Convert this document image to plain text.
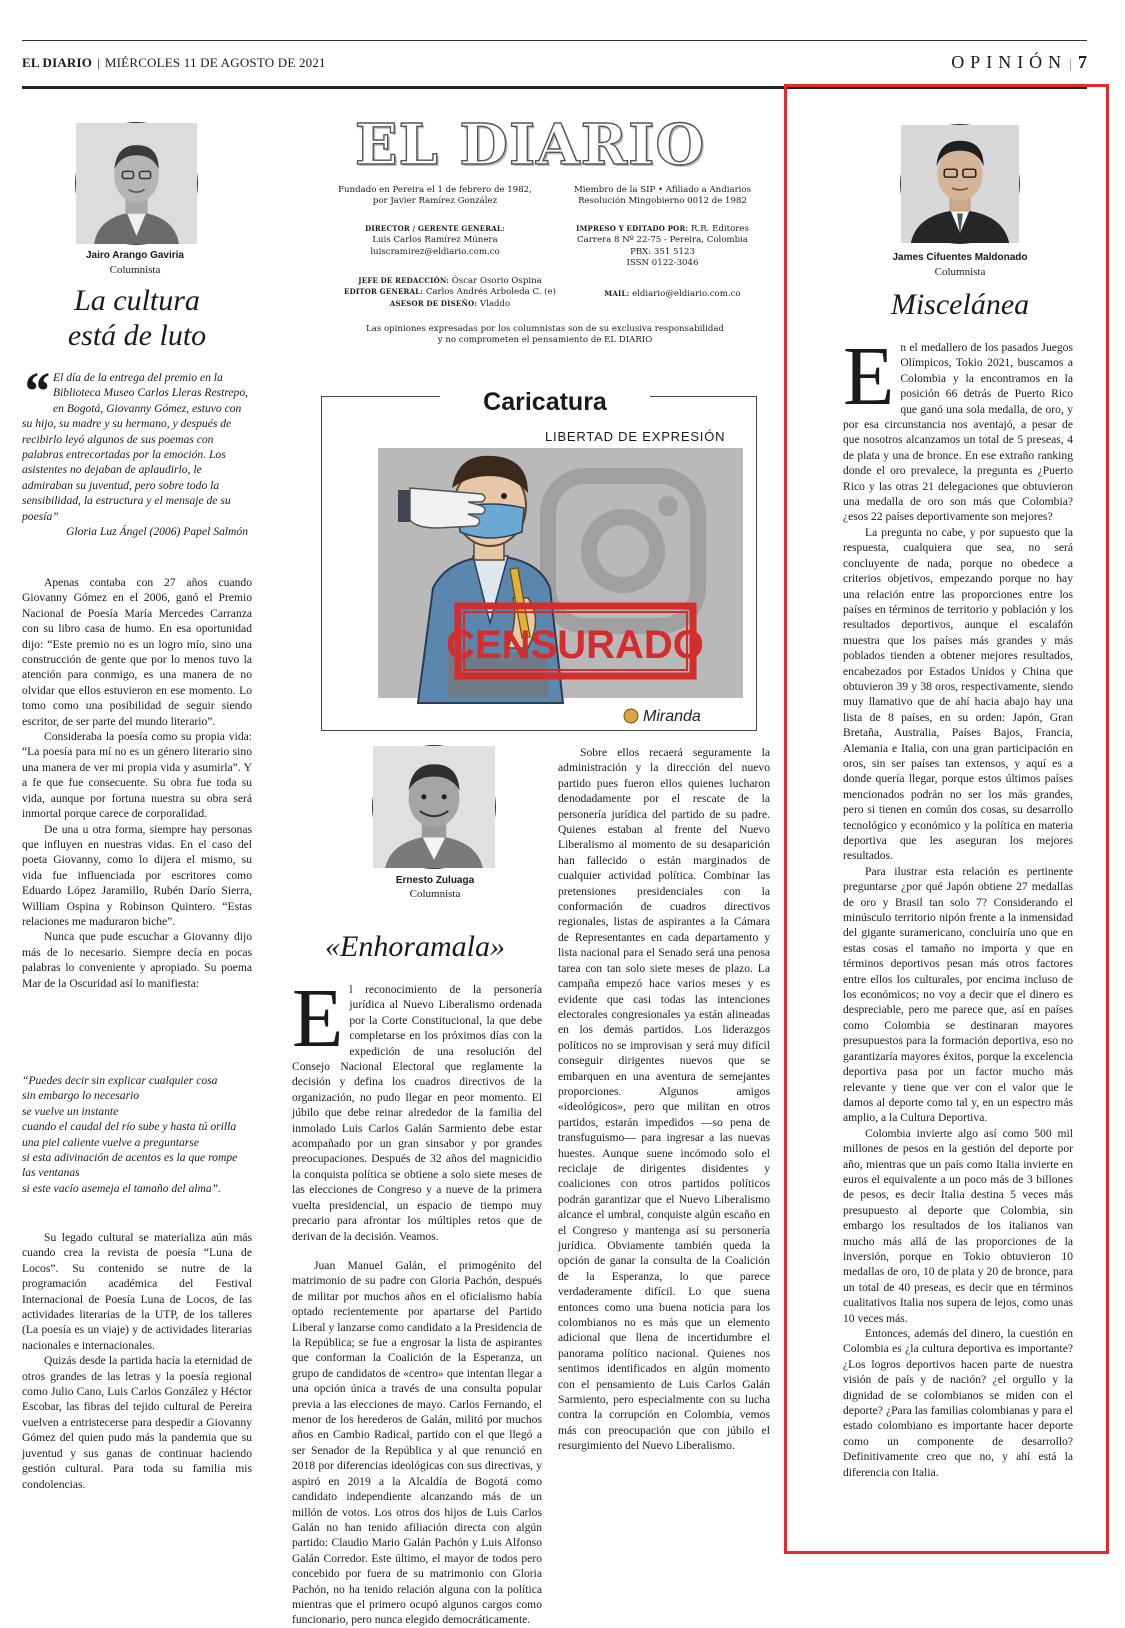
EL DIARIO | MIÉRCOLES 11 DE AGOSTO DE 2021	OPINIÓN | 7
Jairo Arango Gaviria
Columnista
La cultura
está de luto
“ El día de la entrega del premio en la Biblioteca Museo Carlos Lleras Restrepo, en Bogotá, Giovanny Gómez, estuvo con su hijo, su madre y su hermano, y después de recibirlo leyó algunos de sus poemas con palabras entrecortadas por la emoción. Los asistentes no dejaban de aplaudirlo, le admiraban su juventud, pero sobre todo la sensibilidad, la estructura y el mensaje de su poesía”
Gloria Luz Ángel (2006) Papel Salmón

Apenas contaba con 27 años cuando Giovanny Gómez en el 2006, ganó el Premio Nacional de Poesía María Mercedes Carranza con su libro casa de humo. En esa oportunidad dijo: “Este premio no es un logro mío, sino una construcción de gente que por lo menos tuvo la atención para conmigo, es una manera de no olvidar que ellos estuvieron en ese momento. Lo tomo como una posibilidad de seguir siendo escritor, de ser parte del mundo literario”.

Consideraba la poesía como su propia vida: “La poesía para mí no es un género literario sino una manera de ver mi propia vida y asumirla”. Y a fe que fue consecuente. Su obra fue toda su vida, aunque por fortuna nuestra su obra será inmortal porque carece de corporalidad.

De una u otra forma, siempre hay personas que influyen en nuestras vidas. En el caso del poeta Giovanny, como lo dijera el mismo, su vida fue influenciada por escritores como Eduardo López Jaramillo, Rubén Darío Sierra, William Ospina y Robinson Quintero. “Estas relaciones me maduraron biche”.

Nunca que pude escuchar a Giovanny dijo más de lo necesario. Siempre decía en pocas palabras lo conveniente y apropiado. Su poema Mar de la Oscuridad así lo manifiesta:

“Puedes decir sin explicar cualquier cosa
sin embargo lo necesario
se vuelve un instante
cuando el caudal del río sube y hasta tú orilla
una piel caliente vuelve a preguntarse
si esta adivinación de acentos es la que rompe las ventanas
si este vacío asemeja el tamaño del alma”.

Su legado cultural se materializa aún más cuando crea la revista de poesía “Luna de Locos”. Su contenido se nutre de la programación académica del Festival Internacional de Poesía Luna de Locos, de las actividades literarias de la UTP, de los talleres (La poesía es un viaje) y de actividades literarias nacionales e internacionales.

Quizás desde la partida hacía la eternidad de otros grandes de las letras y la poesía regional como Julio Cano, Luis Carlos González y Héctor Escobar, las fibras del tejido cultural de Pereira vuelven a entristecerse para despedir a Giovanny Gómez del quien pudo más la pandemia que su juventud y sus ganas de continuar haciendo gestión cultural. Para toda su familia mis condolencias.

EL DIARIO
Fundado en Pereira el 1 de febrero de 1982,
por Javier Ramírez González
Miembro de la SIP • Afiliado a Andiarios
Resolución Mingobierno 0012 de 1982
DIRECTOR / GERENTE GENERAL:
Luis Carlos Ramírez Múnera
luiscramirez@eldiario.com.co
IMPRESO Y EDITADO POR: R.R. Editores
Carrera 8 Nº 22-75 - Pereira, Colombia
PBX: 351 5123
ISSN 0122-3046
JEFE DE REDACCIÓN: Óscar Osorio Ospina
EDITOR GENERAL: Carlos Andrés Arboleda C. (e)
ASESOR DE DISEÑO: Vladdo
MAIL: eldiario@eldiario.com.co
Las opiniones expresadas por los columnistas son de su exclusiva responsabilidad
y no comprometen el pensamiento de EL DIARIO
Caricatura
LIBERTAD DE EXPRESIÓN
CENSURADO
Miranda
Ernesto Zuluaga
Columnista
«Enhoramala»

El reconocimiento de la personería jurídica al Nuevo Liberalismo ordenada por la Corte Constitucional, la que debe completarse en los próximos días con la expedición de una resolución del Consejo Nacional Electoral que reglamente la decisión y defina los cuadros directivos de la organización, no pudo llegar en peor momento. El júbilo que debe reinar alrededor de la familia del inmolado Luis Carlos Galán Sarmiento debe estar acompañado por un gran sinsabor y por grandes preocupaciones. Después de 32 años del magnicidio la conquista política se obtiene a solo siete meses de las elecciones de Congreso y a nueve de la primera vuelta presidencial, un espacio de tiempo muy precario para afrontar los múltiples retos que de derivan de la decisión. Veamos.

Juan Manuel Galán, el primogénito del matrimonio de su padre con Gloria Pachón, después de militar por muchos años en el oficialismo había optado recientemente por apartarse del Partido Liberal y lanzarse como candidato a la Presidencia de la República; se fue a engrosar la lista de aspirantes que conforman la Coalición de la Esperanza, un grupo de candidatos de «centro» que intentan llegar a una opción única a través de una consulta popular previa a las elecciones de mayo. Carlos Fernando, el menor de los herederos de Galán, militó por muchos años en Cambio Radical, partido con el que llegó a ser Senador de la República y al que renunció en 2018 por diferencias ideológicas con sus directivas, y aspiró en 2019 a la Alcaldía de Bogotá como candidato independiente alcanzando más de un millón de votos. Los otros dos hijos de Luis Carlos Galán no han tenido afiliación directa con algún partido: Claudio Mario Galán Pachón y Luis Alfonso Galán Corredor. Este último, el mayor de todos pero concebido por fuera de su matrimonio con Gloria Pachón, no ha tenido relación alguna con la política mientras que el primero ocupó algunos cargos como funcionario, pero nunca elegido democráticamente.

Sobre ellos recaerá seguramente la administración y la dirección del nuevo partido pues fueron ellos quienes lucharon denodadamente por el rescate de la personería jurídica del partido de su padre. Quienes estaban al frente del Nuevo Liberalismo al momento de su desaparición han fallecido o están marginados de cualquier actividad política. Combinar las pretensiones presidenciales con la conformación de cuadros directivos regionales, listas de aspirantes a la Cámara de Representantes en cada departamento y lista nacional para el Senado será una penosa tarea con tan solo siete meses de plazo. La campaña empezó hace varios meses y es evidente que casi todas las intenciones electorales congresionales ya están alineadas en los demás partidos. Los liderazgos políticos no se improvisan y será muy difícil conseguir dirigentes nuevos que se embarquen en una aventura de semejantes proporciones. Algunos amigos «ideológicos», pero que militan en otros partidos, estarán impedidos —so pena de transfuguismo— para ingresar a las nuevas huestes. Aunque suene incómodo solo el reciclaje de dirigentes disidentes y coaliciones con otros partidos políticos podrán garantizar que el Nuevo Liberalismo alcance el umbral, conquiste algún escaño en el Congreso y mantenga así su personería jurídica. Obviamente también queda la opción de ganar la consulta de la Coalición de la Esperanza, lo que parece verdaderamente difícil. Lo que suena entonces como una buena noticia para los colombianos no es más que un elemento adicional que llena de incertidumbre el panorama político nacional. Quienes nos sentimos identificados en algún momento con el pensamiento de Luis Carlos Galán Sarmiento, pero especialmente con su lucha contra la corrupción en Colombia, vemos más con preocupación que con júbilo el resurgimiento del Nuevo Liberalismo.

James Cifuentes Maldonado
Columnista
Miscelánea

En el medallero de los pasados Juegos Olímpicos, Tokio 2021, buscamos a Colombia y la encontramos en la posición 66 detrás de Puerto Rico que ganó una sola medalla, de oro, y por esa circunstancia nos aventajó, a pesar de que nosotros alcanzamos un total de 5 preseas, 4 de plata y una de bronce. En ese extraño ranking donde el oro prevalece, la pregunta es ¿Puerto Rico y las otras 21 delegaciones que obtuvieron una medalla de oro son más que Colombia? ¿esos 22 países deportivamente son mejores?

La pregunta no cabe, y por supuesto que la respuesta, cualquiera que sea, no será concluyente de nada, porque no obedece a criterios objetivos, empezando porque no hay una relación entre las proporciones entre los países en términos de territorio y población y los resultados deportivos, aunque el escalafón muestra que los países más grandes y más poblados tienden a obtener mejores resultados, encabezados por Estados Unidos y China que obtuvieron 39 y 38 oros, respectivamente, siendo muy llamativo que de ahí hacia abajo hay una lista de 8 países, en su orden: Japón, Gran Bretaña, Australia, Países Bajos, Francia, Alemania e Italia, con una gran participación en oros, sin ser países tan extensos, y aquí es a donde quería llegar, porque estos últimos países mencionados podrán no ser los más grandes, pero si tienen en común dos cosas, su desarrollo tecnológico y económico y la política en materia deportiva que les aseguran los mejores resultados.

Para ilustrar esta relación es pertinente preguntarse ¿por qué Japón obtiene 27 medallas de oro y Brasil tan solo 7? Considerando el minúsculo territorio nipón frente a la inmensidad del gigante suramericano, concluiría uno que en estas cosas el tamaño no importa y que en términos deportivos pesan más otros factores entre ellos los culturales, por encima incluso de los económicos; no voy a decir que el dinero es despreciable, pero me parece que, así en países como Colombia se destinaran mayores presupuestos para la formación deportiva, eso no garantizaría mayores éxitos, porque la excelencia deportiva pasa por un factor mucho más relevante y tiene que ver con el valor que le damos al deporte como tal y, en un espectro más amplio, a la Cultura Deportiva.

Colombia invierte algo así como 500 mil millones de pesos en la gestión del deporte por año, mientras que un país como Italia invierte en euros el equivalente a un poco más de 3 billones de pesos, es decir Italia destina 5 veces más presupuesto al deporte que Colombia, sin embargo los resultados de los italianos van mucho más allá de las proporciones de la inversión, porque en Tokio obtuvieron 10 medallas de oro, 10 de plata y 20 de bronce, para un total de 40 preseas, es decir que en términos cualitativos Italia nos supera de lejos, como unas 10 veces más.

Entonces, además del dinero, la cuestión en Colombia es ¿la cultura deportiva es importante? ¿Los logros deportivos hacen parte de nuestra visión de país y de nación? ¿el orgullo y la dignidad de se colombianos se miden con el deporte? ¿Para las familias colombianas y para el estado colombiano es importante hacer deporte como un componente de desarrollo? Definitivamente creo que no, y ahí está la diferencia con Italia.
